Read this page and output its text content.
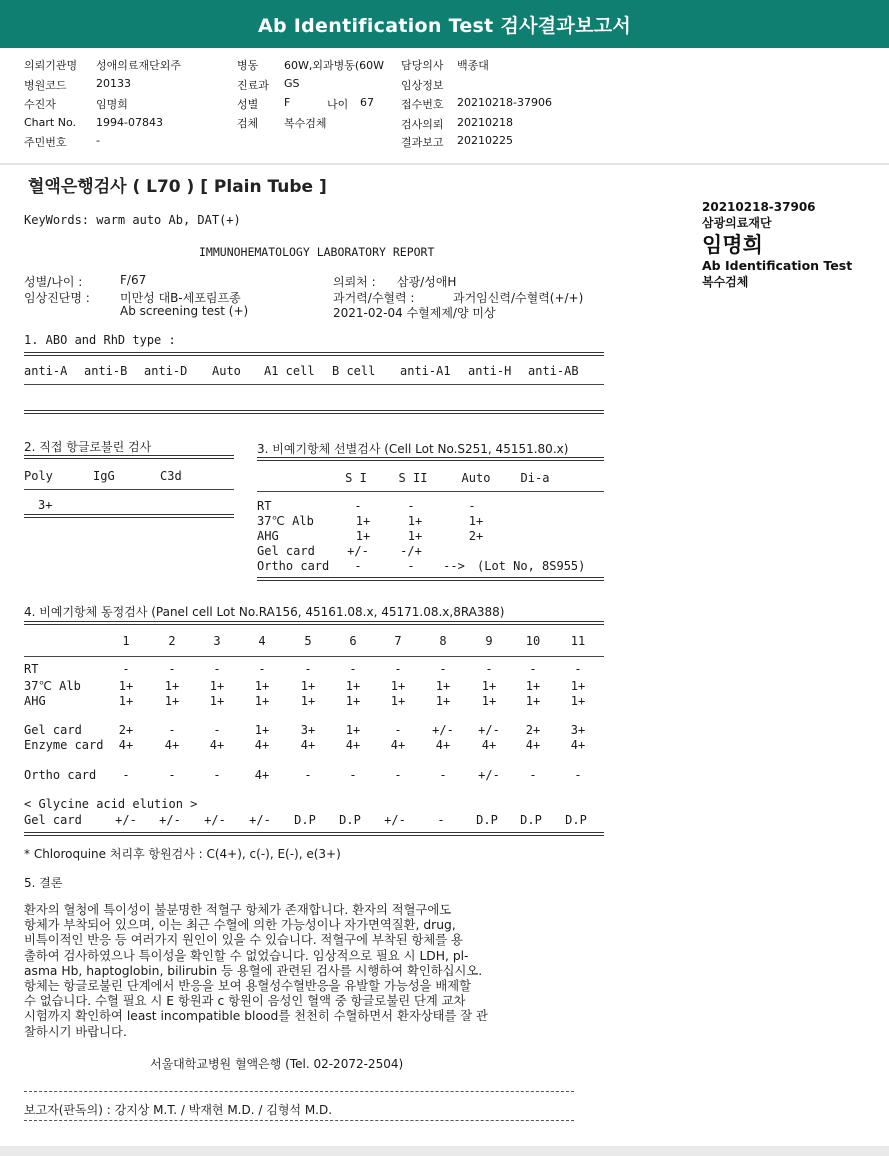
Ab Identification Test 검사결과보고서
의뢰기관명 성애의료재단외주
병원코드	20133
수진자	임명희
Chart No. 1994-07843
주민번호	-
병동 60W,외과병동(60W
진료과 GS
성별 F	나이 67
검체 복수검체
담당의사 백종대
임상정보
접수번호 20210218-37906
검사의뢰 20210218
결과보고 20210225
20210218-37906
삼광의료재단
임명희
Ab Identification Test
복수검체
혈액은행검사 ( L70 ) [ Plain Tube ]
KeyWords: warm auto Ab, DAT(+)
IMMUNOHEMATOLOGY LABORATORY REPORT
성별/나이 :	F/67
임상진단명 :	미만성 대B-세포림프종
Ab screening test (+)
의뢰처 : 삼광/성애H
과거력/수혈력 :	과거임신력/수혈력(+/+)
2021-02-04 수혈제제/양 미상
1. ABO and RhD type :
anti-A anti-B anti-D Auto A1 cell B cell anti-A1 anti-H anti-AB
2. 직접 항글로불린 검사
Poly	IgG	C3d
3+
3. 비예기항체 선별검사 (Cell Lot No.S251, 45151.80.x)
S I	S II	Auto	Di-a
RT	-	-	-
37℃ Alb	1+	1+	1+
AHG	1+	1+	2+
Gel card	+/-	-/+
Ortho card	-	-	-->	(Lot No, 8S955)
4. 비예기항체 동정검사 (Panel cell Lot No.RA156, 45161.08.x, 45171.08.x,8RA388)
1	2	3	4	5	6	7	8	9	10	11
RT	-	-	-	-	-	-	-	-	-	-	-
37℃ Alb	1+	1+	1+	1+	1+	1+	1+	1+	1+	1+	1+
AHG	1+	1+	1+	1+	1+	1+	1+	1+	1+	1+	1+
Gel card	2+	-	-	1+	3+	1+	-	+/-	+/-	2+	3+
Enzyme card	4+	4+	4+	4+	4+	4+	4+	4+	4+	4+	4+
Ortho card	-	-	-	4+	-	-	-	-	+/-	-	-
< Glycine acid elution >
Gel card	+/-	+/-	+/-	+/-	D.P	D.P	+/-	-	D.P	D.P	D.P
* Chloroquine 처리후 항원검사 : C(4+), c(-), E(-), e(3+)
5. 결론
환자의 혈청에 특이성이 불분명한 적혈구 항체가 존재합니다. 환자의 적혈구에도
항체가 부착되어 있으며, 이는 최근 수혈에 의한 가능성이나 자가면역질환, drug,
비특이적인 반응 등 여러가지 원인이 있을 수 있습니다. 적혈구에 부착된 항체를 용
출하여 검사하였으나 특이성을 확인할 수 없었습니다. 임상적으로 필요 시 LDH, pl-
asma Hb, haptoglobin, bilirubin 등 용혈에 관련된 검사를 시행하여 확인하십시오.
항체는 항글로불린 단계에서 반응을 보여 용혈성수혈반응을 유발할 가능성을 배제할
수 없습니다. 수혈 필요 시 E 항원과 c 항원이 음성인 혈액 중 항글로불린 단계 교차
시험까지 확인하여 least incompatible blood를 천천히 수혈하면서 환자상태를 잘 관
찰하시기 바랍니다.
서울대학교병원 혈액은행 (Tel. 02-2072-2504)
보고자(판독의) : 강지상 M.T. / 박재현 M.D. / 김형석 M.D.
